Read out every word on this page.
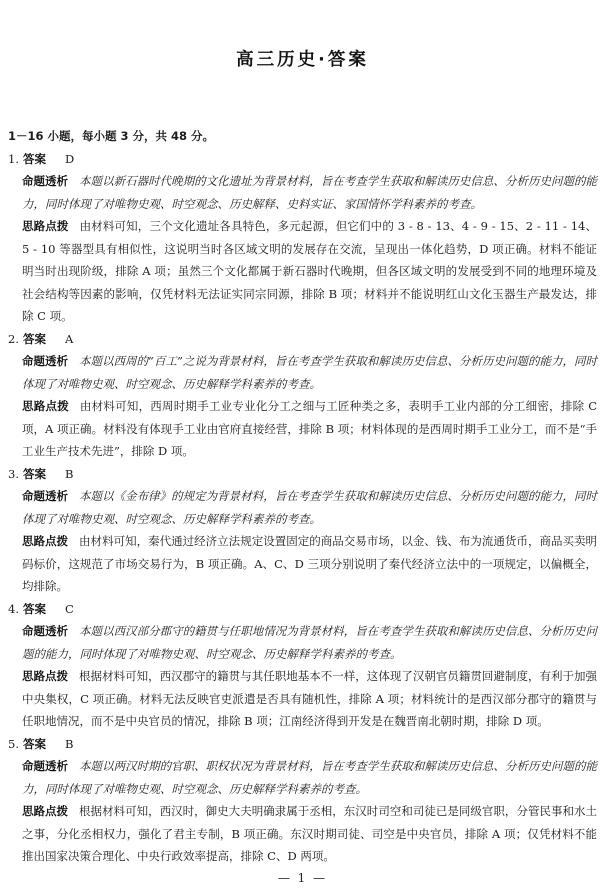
高三历史·答案
1－16 小题，每小题 3 分，共 48 分。
1. 答案 D

命题透析 本题以新石器时代晚期的文化遗址为背景材料，旨在考查学生获取和解读历史信息、分析历史问题的能力，同时体现了对唯物史观、时空观念、历史解释、史料实证、家国情怀学科素养的考查。

思路点拨 由材料可知，三个文化遗址各具特色，多元起源，但它们中的 3 - 8 - 13、4 - 9 - 15、2 - 11 - 14、5 - 10 等器型具有相似性，这说明当时各区域文明的发展存在交流，呈现出一体化趋势，D 项正确。材料不能证明当时出现阶级，排除 A 项；虽然三个文化都属于新石器时代晚期，但各区域文明的发展受到不同的地理环境及社会结构等因素的影响，仅凭材料无法证实同宗同源，排除 B 项；材料并不能说明红山文化玉器生产最发达，排除 C 项。

2. 答案 A

命题透析 本题以西周的“百工”之说为背景材料，旨在考查学生获取和解读历史信息、分析历史问题的能力，同时体现了对唯物史观、时空观念、历史解释学科素养的考查。

思路点拨 由材料可知，西周时期手工业专业化分工之细与工匠种类之多，表明手工业内部的分工细密，排除 C 项，A 项正确。材料没有体现手工业由官府直接经营，排除 B 项；材料体现的是西周时期手工业分工，而不是“手工业生产技术先进”，排除 D 项。

3. 答案 B

命题透析 本题以《金布律》的规定为背景材料，旨在考查学生获取和解读历史信息、分析历史问题的能力，同时体现了对唯物史观、时空观念、历史解释学科素养的考查。

思路点拨 由材料可知，秦代通过经济立法规定设置固定的商品交易市场，以金、钱、布为流通货币，商品买卖明码标价，这规范了市场交易行为，B 项正确。A、C、D 三项分别说明了秦代经济立法中的一项规定，以偏概全，均排除。

4. 答案 C

命题透析 本题以西汉部分郡守的籍贯与任职地情况为背景材料，旨在考查学生获取和解读历史信息、分析历史问题的能力，同时体现了对唯物史观、时空观念、历史解释学科素养的考查。

思路点拨 根据材料可知，西汉郡守的籍贯与其任职地基本不一样，这体现了汉朝官员籍贯回避制度，有利于加强中央集权，C 项正确。材料无法反映官吏派遣是否具有随机性，排除 A 项；材料统计的是西汉部分郡守的籍贯与任职地情况，而不是中央官员的情况，排除 B 项；江南经济得到开发是在魏晋南北朝时期，排除 D 项。

5. 答案 B

命题透析 本题以两汉时期的官职、职权状况为背景材料，旨在考查学生获取和解读历史信息、分析历史问题的能力，同时体现了对唯物史观、时空观念、历史解释学科素养的考查。

思路点拨 根据材料可知，西汉时，御史大夫明确隶属于丞相，东汉时司空和司徒已是同级官职，分管民事和水土之事，分化丞相权力，强化了君主专制，B 项正确。东汉时期司徒、司空是中央官员，排除 A 项；仅凭材料不能推出国家决策合理化、中央行政效率提高，排除 C、D 两项。

— 1 —
